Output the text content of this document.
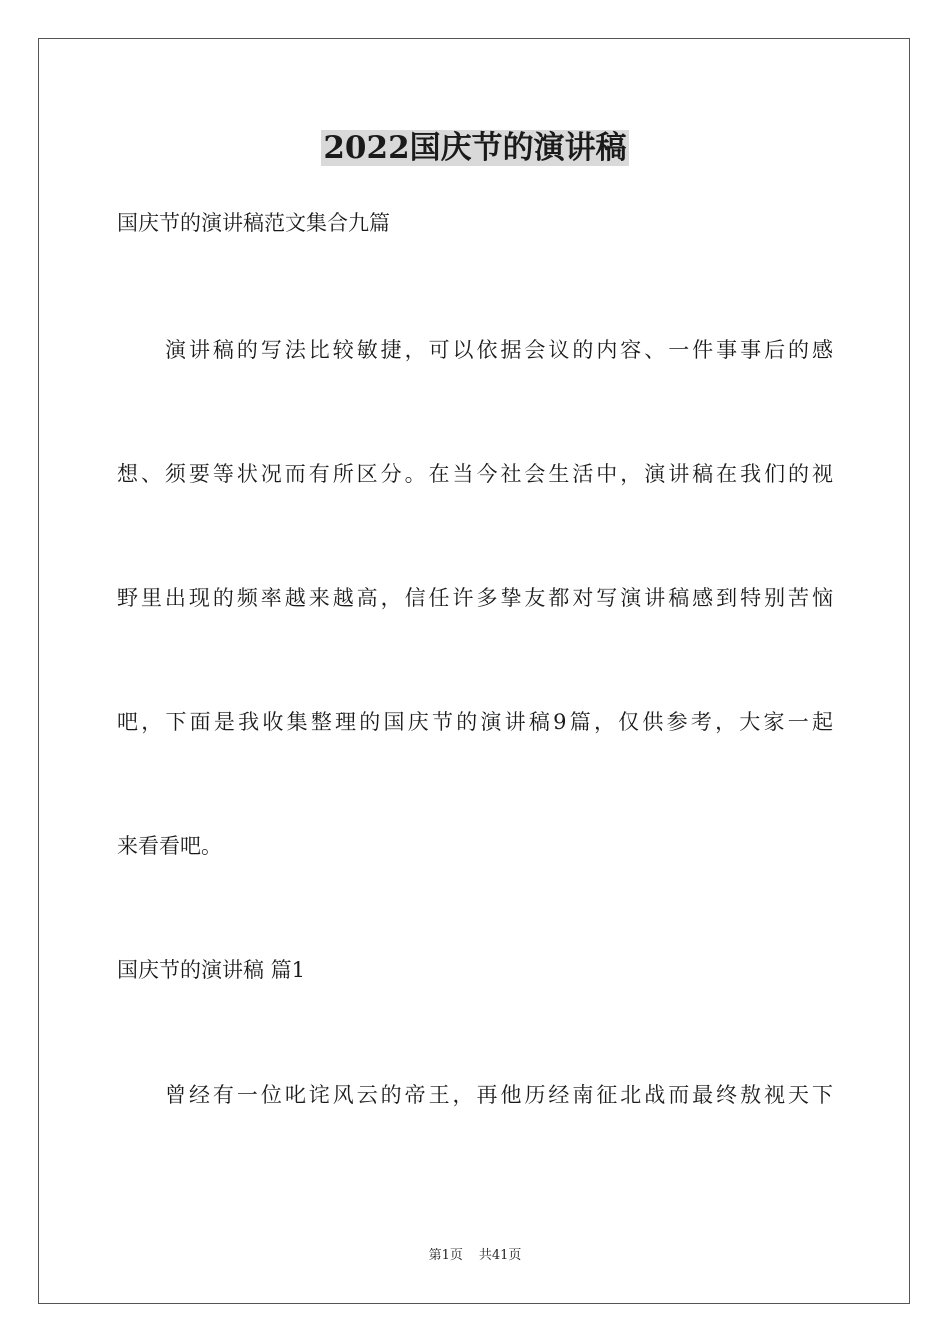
2022国庆节的演讲稿

国庆节的演讲稿范文集合九篇

演讲稿的写法比较敏捷，可以依据会议的内容、一件事事后的感

想、须要等状况而有所区分。在当今社会生活中，演讲稿在我们的视

野里出现的频率越来越高，信任许多挚友都对写演讲稿感到特别苦恼

吧，下面是我收集整理的国庆节的演讲稿9篇，仅供参考，大家一起

来看看吧。

国庆节的演讲稿 篇1

曾经有一位叱诧风云的帝王，再他历经南征北战而最终敖视天下

第1页 共41页
